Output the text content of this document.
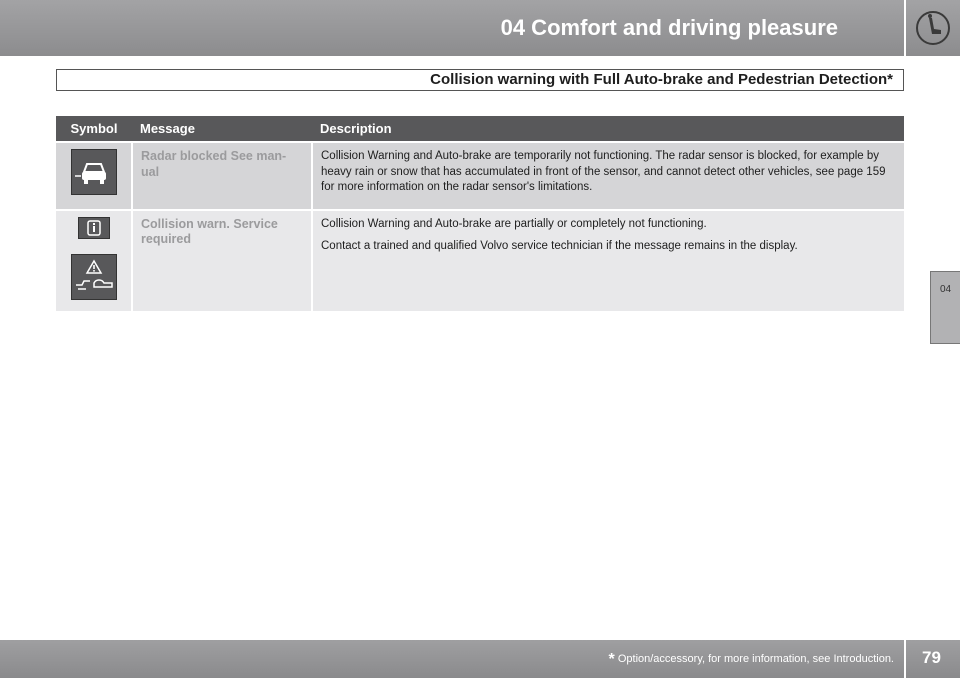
04 Comfort and driving pleasure
Collision warning with Full Auto-brake and Pedestrian Detection*
04
Symbol	Message	Description
	Radar blocked See man-ual	Collision Warning and Auto-brake are temporarily not functioning. The radar sensor is blocked, for example by heavy rain or snow that has accumulated in front of the sensor, and cannot detect other vehicles, see page 159 for more information on the radar sensor's limitations.

	Collision warn. Service required	Collision Warning and Auto-brake are partially or completely not functioning.

Contact a trained and qualified Volvo service technician if the message remains in the display.

* Option/accessory, for more information, see Introduction. 79
